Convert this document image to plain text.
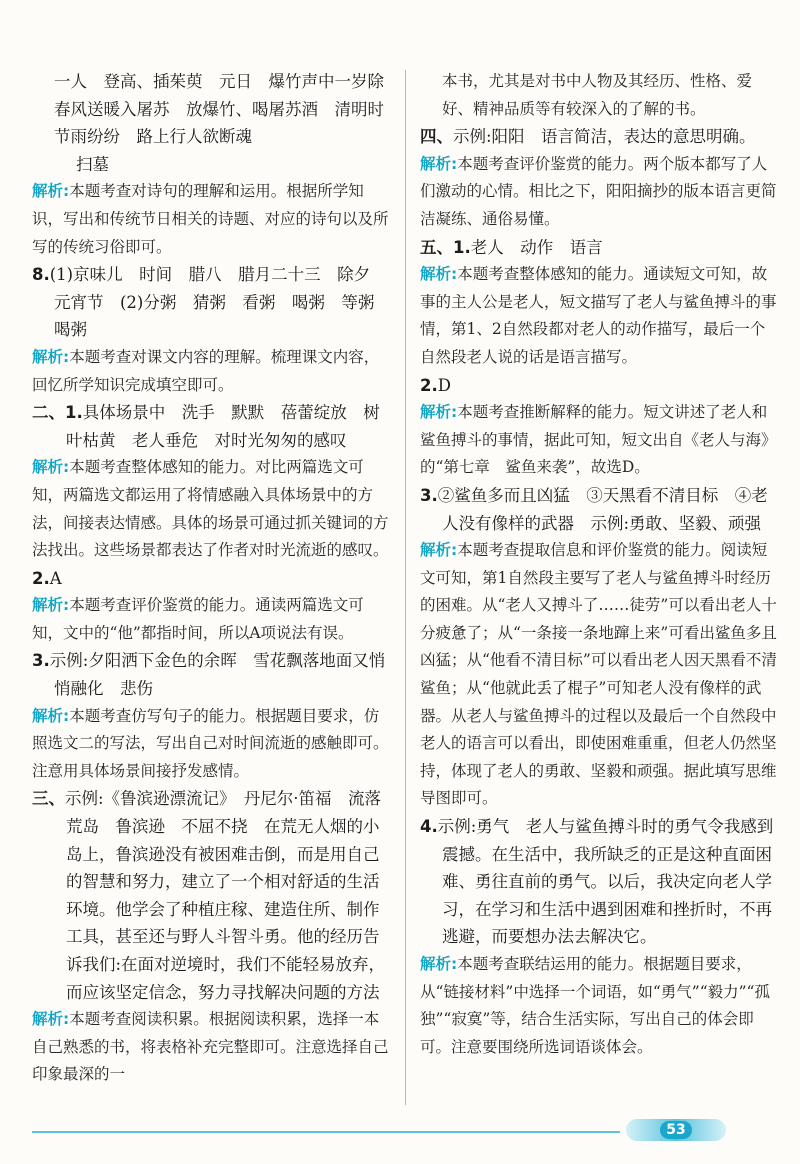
一人　登高、插茱萸　元日　爆竹声中一岁除　春风送暖入屠苏　放爆竹、喝屠苏酒　清明时节雨纷纷　路上行人欲断魂

扫墓

解析:本题考查对诗句的理解和运用。根据所学知识，写出和传统节日相关的诗题、对应的诗句以及所写的传统习俗即可。

8.(1)京味儿　时间　腊八　腊月二十三　除夕　元宵节　(2)分粥　猜粥　看粥　喝粥　等粥　喝粥

解析:本题考查对课文内容的理解。梳理课文内容，回忆所学知识完成填空即可。

二、1.具体场景中　洗手　默默　蓓蕾绽放　树叶枯黄　老人垂危　对时光匆匆的感叹

解析:本题考查整体感知的能力。对比两篇选文可知，两篇选文都运用了将情感融入具体场景中的方法，间接表达情感。具体的场景可通过抓关键词的方法找出。这些场景都表达了作者对时光流逝的感叹。

2.A

解析:本题考查评价鉴赏的能力。通读两篇选文可知，文中的“他”都指时间，所以A项说法有误。

3.示例:夕阳洒下金色的余晖　雪花飘落地面又悄悄融化　悲伤

解析:本题考查仿写句子的能力。根据题目要求，仿照选文二的写法，写出自己对时间流逝的感触即可。注意用具体场景间接抒发感情。

三、示例:《鲁滨逊漂流记》　丹尼尔·笛福　流落荒岛　鲁滨逊　不屈不挠　在荒无人烟的小岛上，鲁滨逊没有被困难击倒，而是用自己的智慧和努力，建立了一个相对舒适的生活环境。他学会了种植庄稼、建造住所、制作工具，甚至还与野人斗智斗勇。他的经历告诉我们:在面对逆境时，我们不能轻易放弃，而应该坚定信念，努力寻找解决问题的方法

解析:本题考查阅读积累。根据阅读积累，选择一本自己熟悉的书，将表格补充完整即可。注意选择自己印象最深的一

本书，尤其是对书中人物及其经历、性格、爱好、精神品质等有较深入的了解的书。

四、示例:阳阳　语言简洁，表达的意思明确。

解析:本题考查评价鉴赏的能力。两个版本都写了人们激动的心情。相比之下，阳阳摘抄的版本语言更简洁凝练、通俗易懂。

五、1.老人　动作　语言

解析:本题考查整体感知的能力。通读短文可知，故事的主人公是老人，短文描写了老人与鲨鱼搏斗的事情，第1、2自然段都对老人的动作描写，最后一个自然段老人说的话是语言描写。

2.D

解析:本题考查推断解释的能力。短文讲述了老人和鲨鱼搏斗的事情，据此可知，短文出自《老人与海》的“第七章　鲨鱼来袭”，故选D。

3.②鲨鱼多而且凶猛　③天黑看不清目标　④老人没有像样的武器　示例:勇敢、坚毅、顽强

解析:本题考查提取信息和评价鉴赏的能力。阅读短文可知，第1自然段主要写了老人与鲨鱼搏斗时经历的困难。从“老人又搏斗了……徒劳”可以看出老人十分疲惫了；从“一条接一条地蹿上来”可看出鲨鱼多且凶猛；从“他看不清目标”可以看出老人因天黑看不清鲨鱼；从“他就此丢了棍子”可知老人没有像样的武器。从老人与鲨鱼搏斗的过程以及最后一个自然段中老人的语言可以看出，即使困难重重，但老人仍然坚持，体现了老人的勇敢、坚毅和顽强。据此填写思维导图即可。

4.示例:勇气　老人与鲨鱼搏斗时的勇气令我感到震撼。在生活中，我所缺乏的正是这种直面困难、勇往直前的勇气。以后，我决定向老人学习，在学习和生活中遇到困难和挫折时，不再逃避，而要想办法去解决它。

解析:本题考查联结运用的能力。根据题目要求，从“链接材料”中选择一个词语，如“勇气”“毅力”“孤独”“寂寞”等，结合生活实际，写出自己的体会即可。注意要围绕所选词语谈体会。

53
